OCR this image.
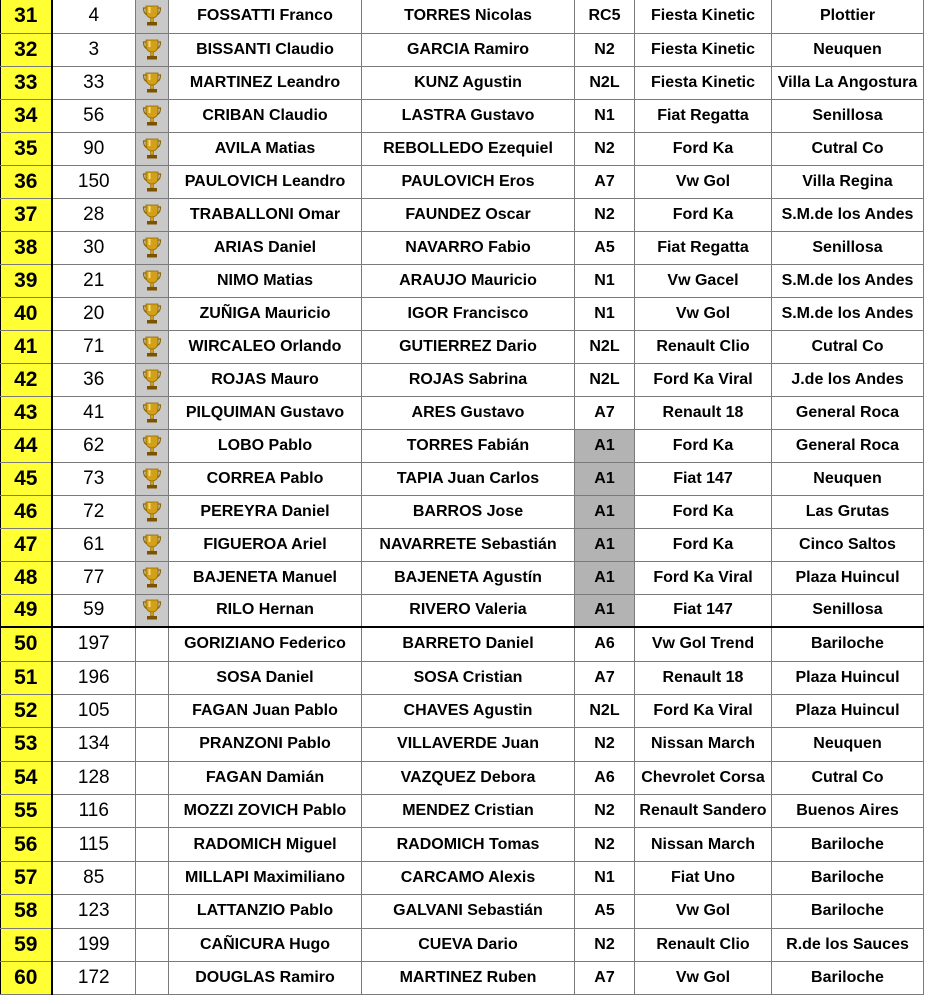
31	4		FOSSATTI Franco	TORRES Nicolas	RC5	Fiesta Kinetic	Plottier
32	3		BISSANTI Claudio	GARCIA Ramiro	N2	Fiesta Kinetic	Neuquen
33	33		MARTINEZ Leandro	KUNZ Agustin	N2L	Fiesta Kinetic	Villa La Angostura
34	56		CRIBAN Claudio	LASTRA Gustavo	N1	Fiat Regatta	Senillosa
35	90		AVILA Matias	REBOLLEDO Ezequiel	N2	Ford Ka	Cutral Co
36	150		PAULOVICH Leandro	PAULOVICH Eros	A7	Vw Gol	Villa Regina
37	28		TRABALLONI Omar	FAUNDEZ Oscar	N2	Ford Ka	S.M.de los Andes
38	30		ARIAS Daniel	NAVARRO Fabio	A5	Fiat Regatta	Senillosa
39	21		NIMO Matias	ARAUJO Mauricio	N1	Vw Gacel	S.M.de los Andes
40	20		ZUÑIGA Mauricio	IGOR Francisco	N1	Vw Gol	S.M.de los Andes
41	71		WIRCALEO Orlando	GUTIERREZ Dario	N2L	Renault Clio	Cutral Co
42	36		ROJAS Mauro	ROJAS Sabrina	N2L	Ford Ka Viral	J.de los Andes
43	41		PILQUIMAN Gustavo	ARES Gustavo	A7	Renault 18	General Roca
44	62		LOBO Pablo	TORRES Fabián	A1	Ford Ka	General Roca
45	73		CORREA Pablo	TAPIA Juan Carlos	A1	Fiat 147	Neuquen
46	72		PEREYRA Daniel	BARROS Jose	A1	Ford Ka	Las Grutas
47	61		FIGUEROA Ariel	NAVARRETE Sebastián	A1	Ford Ka	Cinco Saltos
48	77		BAJENETA Manuel	BAJENETA Agustín	A1	Ford Ka Viral	Plaza Huincul
49	59		RILO Hernan	RIVERO Valeria	A1	Fiat 147	Senillosa
50	197		GORIZIANO Federico	BARRETO Daniel	A6	Vw Gol Trend	Bariloche
51	196		SOSA Daniel	SOSA Cristian	A7	Renault 18	Plaza Huincul
52	105		FAGAN Juan Pablo	CHAVES Agustin	N2L	Ford Ka Viral	Plaza Huincul
53	134		PRANZONI Pablo	VILLAVERDE Juan	N2	Nissan March	Neuquen
54	128		FAGAN Damián	VAZQUEZ Debora	A6	Chevrolet Corsa	Cutral Co
55	116		MOZZI ZOVICH Pablo	MENDEZ Cristian	N2	Renault Sandero	Buenos Aires
56	115		RADOMICH Miguel	RADOMICH Tomas	N2	Nissan March	Bariloche
57	85		MILLAPI Maximiliano	CARCAMO Alexis	N1	Fiat Uno	Bariloche
58	123		LATTANZIO Pablo	GALVANI Sebastián	A5	Vw Gol	Bariloche
59	199		CAÑICURA Hugo	CUEVA Dario	N2	Renault Clio	R.de los Sauces
60	172		DOUGLAS Ramiro	MARTINEZ Ruben	A7	Vw Gol	Bariloche
